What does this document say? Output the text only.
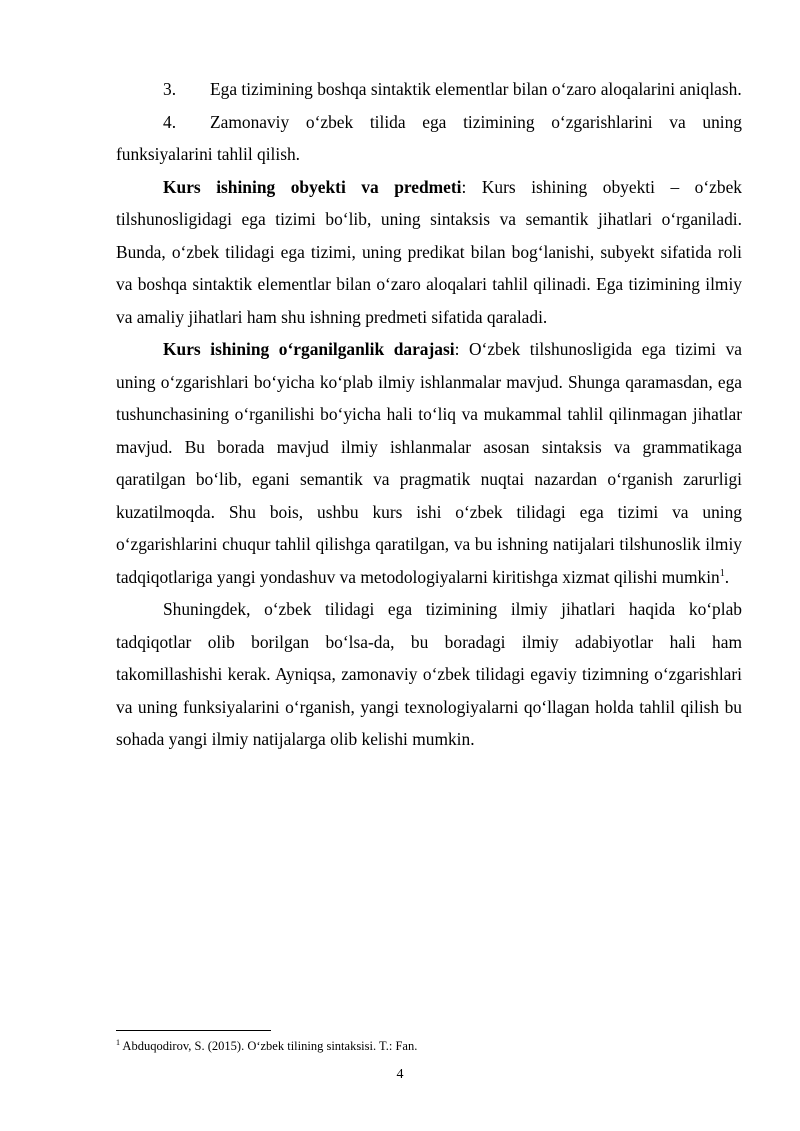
3. Ega tizimining boshqa sintaktik elementlar bilan o‘zaro aloqalarini aniqlash.
4. Zamonaviy o‘zbek tilida ega tizimining o‘zgarishlarini va uning funksiyalarini tahlil qilish.

Kurs ishining obyekti va predmeti: Kurs ishining obyekti – o‘zbek tilshunosligidagi ega tizimi bo‘lib, uning sintaksis va semantik jihatlari o‘rganiladi. Bunda, o‘zbek tilidagi ega tizimi, uning predikat bilan bog‘lanishi, subyekt sifatida roli va boshqa sintaktik elementlar bilan o‘zaro aloqalari tahlil qilinadi. Ega tizimining ilmiy va amaliy jihatlari ham shu ishning predmeti sifatida qaraladi.

Kurs ishining o‘rganilganlik darajasi: O‘zbek tilshunosligida ega tizimi va uning o‘zgarishlari bo‘yicha ko‘plab ilmiy ishlanmalar mavjud. Shunga qaramasdan, ega tushunchasining o‘rganilishi bo‘yicha hali to‘liq va mukammal tahlil qilinmagan jihatlar mavjud. Bu borada mavjud ilmiy ishlanmalar asosan sintaksis va grammatikaga qaratilgan bo‘lib, egani semantik va pragmatik nuqtai nazardan o‘rganish zarurligi kuzatilmoqda. Shu bois, ushbu kurs ishi o‘zbek tilidagi ega tizimi va uning o‘zgarishlarini chuqur tahlil qilishga qaratilgan, va bu ishning natijalari tilshunoslik ilmiy tadqiqotlariga yangi yondashuv va metodologiyalarni kiritishga xizmat qilishi mumkin$^1$.

Shuningdek, o‘zbek tilidagi ega tizimining ilmiy jihatlari haqida ko‘plab tadqiqotlar olib borilgan bo‘lsa-da, bu boradagi ilmiy adabiyotlar hali ham takomillashishi kerak. Ayniqsa, zamonaviy o‘zbek tilidagi egaviy tizimning o‘zgarishlari va uning funksiyalarini o‘rganish, yangi texnologiyalarni qo‘llagan holda tahlil qilish bu sohada yangi ilmiy natijalarga olib kelishi mumkin.

$^1$ Abduqodirov, S. (2015). O‘zbek tilining sintaksisi. T.: Fan.
4
